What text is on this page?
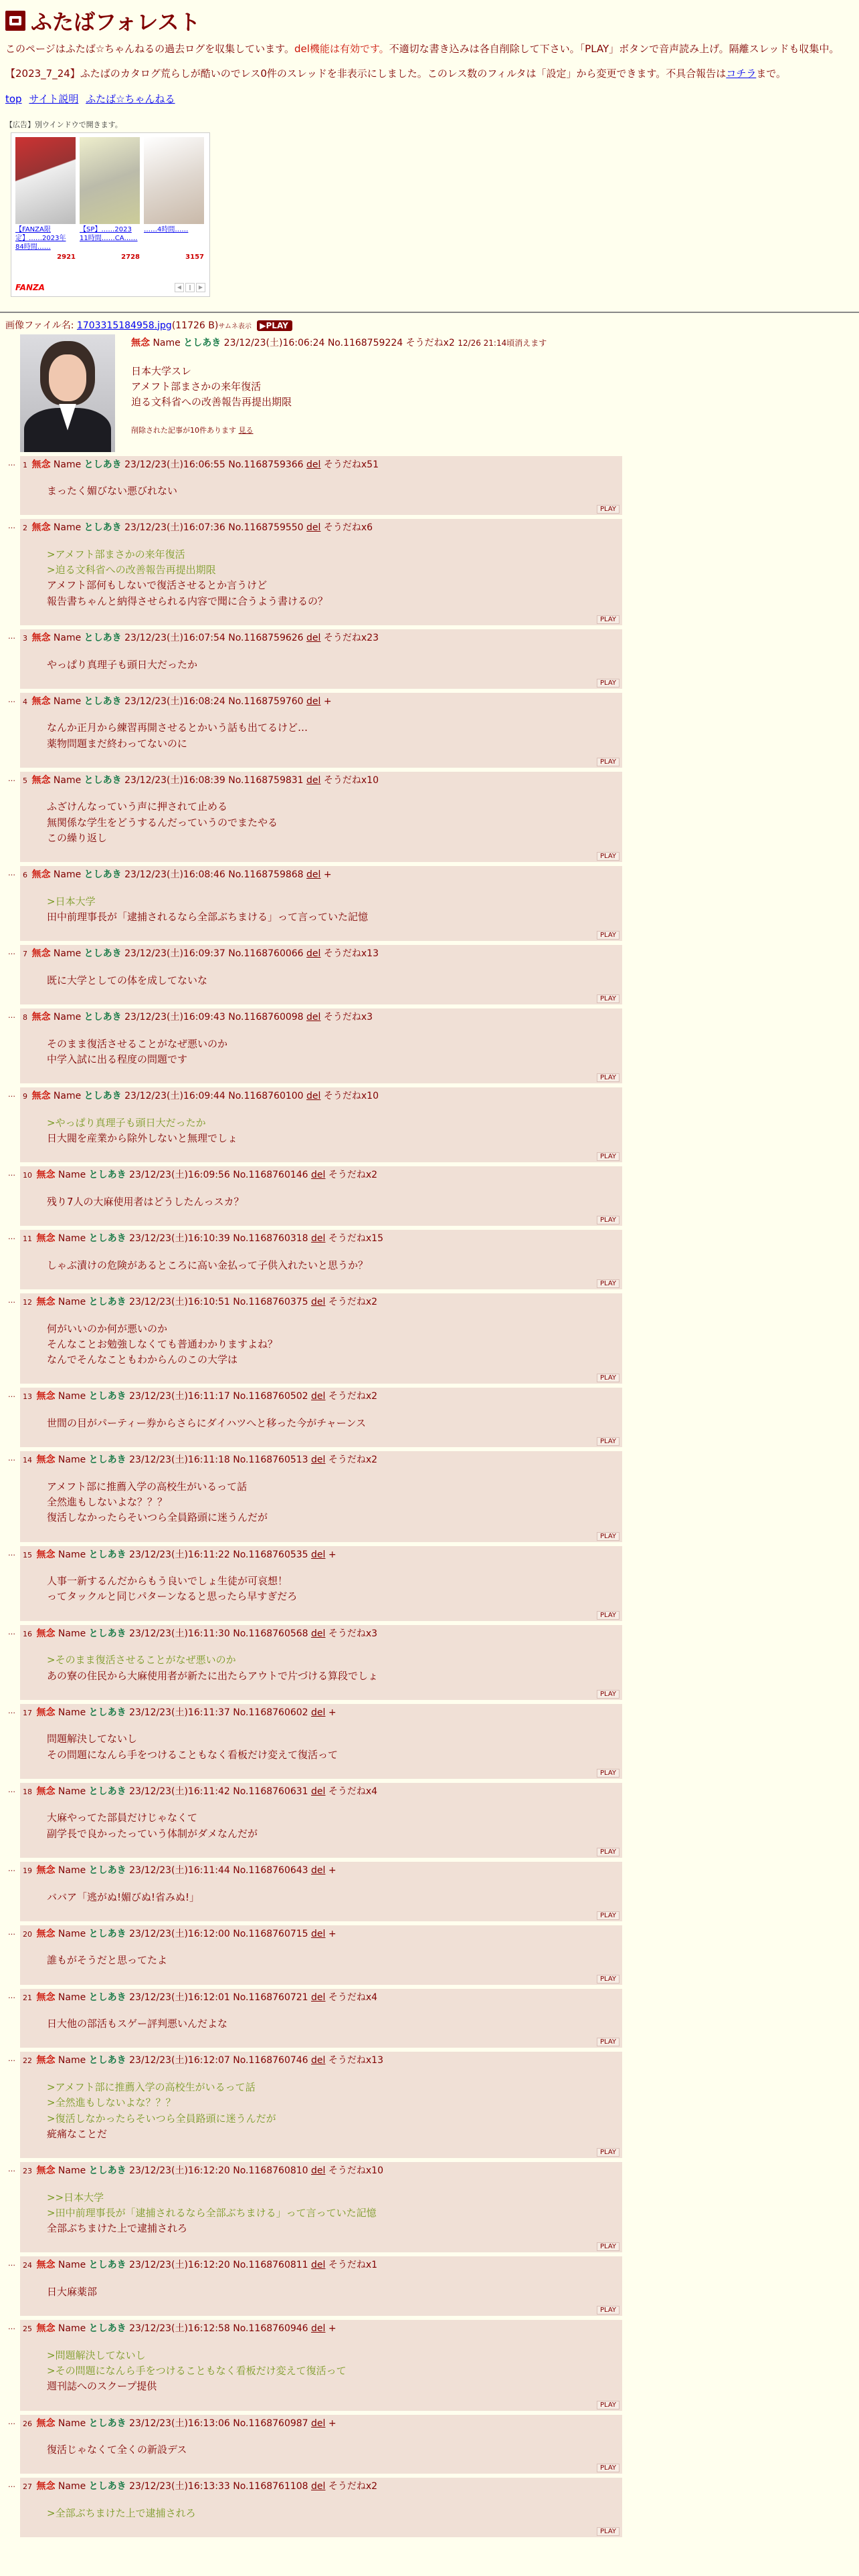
ふたばフォレスト

このページはふたば☆ちゃんねるの過去ログを収集しています。del機能は有効です。不適切な書き込みは各自削除して下さい。「PLAY」ボタンで音声読み上げ。隔離スレッドも収集中。

【2023_7_24】ふたばのカタログ荒らしが酷いのでレス0件のスレッドを非表示にしました。このレス数のフィルタは「設定」から変更できます。不具合報告はコチラまで。

top サイト説明 ふたば☆ちゃんねる
【広告】別ウインドウで開きます。
【FANZA限定】……2023年 84時間……
2921
【SP】……2023 11時間……CA……
2728
……4時間……
3157
FANZA	◀	‖	▶
画像ファイル名: 1703315184958.jpg(11726 B)サムネ表示 ▶PLAY
無念 Name としあき 23/12/23(土)16:06:24 No.1168759224 そうだねx2 12/26 21:14頃消えます
日本大学スレ
アメフト部まさかの来年復活
迫る文科省への改善報告再提出期限
削除された記事が10件あります 見る
… 1 無念 Name としあき 23/12/23(土)16:06:55 No.1168759366 del そうだねx51
まったく媚びない悪びれない
PLAY
… 2 無念 Name としあき 23/12/23(土)16:07:36 No.1168759550 del そうだねx6
>アメフト部まさかの来年復活
>迫る文科省への改善報告再提出期限
アメフト部何もしないで復活させるとか言うけど
報告書ちゃんと納得させられる内容で聞に合うよう書けるの？
PLAY
… 3 無念 Name としあき 23/12/23(土)16:07:54 No.1168759626 del そうだねx23
やっぱり真理子も頭日大だったか
PLAY
… 4 無念 Name としあき 23/12/23(土)16:08:24 No.1168759760 del +
なんか正月から練習再開させるとかいう話も出てるけど…
薬物問題まだ終わってないのに
PLAY
… 5 無念 Name としあき 23/12/23(土)16:08:39 No.1168759831 del そうだねx10
ふざけんなっていう声に押されて止める
無関係な学生をどうするんだっていうのでまたやる
この繰り返し
PLAY
… 6 無念 Name としあき 23/12/23(土)16:08:46 No.1168759868 del +
>日本大学
田中前理事長が「逮捕されるなら全部ぶちまける」って言っていた記憶
PLAY
… 7 無念 Name としあき 23/12/23(土)16:09:37 No.1168760066 del そうだねx13
既に大学としての体を成してないな
PLAY
… 8 無念 Name としあき 23/12/23(土)16:09:43 No.1168760098 del そうだねx3
そのまま復活させることがなぜ悪いのか
中学入試に出る程度の問題です
PLAY
… 9 無念 Name としあき 23/12/23(土)16:09:44 No.1168760100 del そうだねx10
>やっぱり真理子も頭日大だったか
日大閥を産業から除外しないと無理でしょ
PLAY
… 10 無念 Name としあき 23/12/23(土)16:09:56 No.1168760146 del そうだねx2
残り7人の大麻使用者はどうしたんっスカ？
PLAY
… 11 無念 Name としあき 23/12/23(土)16:10:39 No.1168760318 del そうだねx15
しゃぶ漬けの危険があるところに高い金払って子供入れたいと思うか？
PLAY
… 12 無念 Name としあき 23/12/23(土)16:10:51 No.1168760375 del そうだねx2
何がいいのか何が悪いのか
そんなことお勉強しなくても普通わかりますよね？
なんでそんなこともわからんのこの大学は
PLAY
… 13 無念 Name としあき 23/12/23(土)16:11:17 No.1168760502 del そうだねx2
世間の目がパーティー券からさらにダイハツへと移った今がチャーンス
PLAY
… 14 無念 Name としあき 23/12/23(土)16:11:18 No.1168760513 del そうだねx2
アメフト部に推薦入学の高校生がいるって話
全然進もしないよな？？？
復活しなかったらそいつら全員路頭に迷うんだが
PLAY
… 15 無念 Name としあき 23/12/23(土)16:11:22 No.1168760535 del +
人事一新するんだからもう良いでしょ生徒が可哀想！
ってタックルと同じパターンなると思ったら早すぎだろ
PLAY
… 16 無念 Name としあき 23/12/23(土)16:11:30 No.1168760568 del そうだねx3
>そのまま復活させることがなぜ悪いのか
あの寮の住民から大麻使用者が新たに出たらアウトで片づける算段でしょ
PLAY
… 17 無念 Name としあき 23/12/23(土)16:11:37 No.1168760602 del +
問題解決してないし
その問題になんら手をつけることもなく看板だけ変えて復活って
PLAY
… 18 無念 Name としあき 23/12/23(土)16:11:42 No.1168760631 del そうだねx4
大麻やってた部員だけじゃなくて
副学長で良かったっていう体制がダメなんだが
PLAY
… 19 無念 Name としあき 23/12/23(土)16:11:44 No.1168760643 del +
ババア「逃がぬ!媚びぬ!省みぬ!」
PLAY
… 20 無念 Name としあき 23/12/23(土)16:12:00 No.1168760715 del +
誰もがそうだと思ってたよ
PLAY
… 21 無念 Name としあき 23/12/23(土)16:12:01 No.1168760721 del そうだねx4
日大他の部活もスゲー評判悪いんだよな
PLAY
… 22 無念 Name としあき 23/12/23(土)16:12:07 No.1168760746 del そうだねx13
>アメフト部に推薦入学の高校生がいるって話
>全然進もしないよな？？？
>復活しなかったらそいつら全員路頭に迷うんだが
疵痛なことだ
PLAY
… 23 無念 Name としあき 23/12/23(土)16:12:20 No.1168760810 del そうだねx10
>>日本大学
>田中前理事長が「逮捕されるなら全部ぶちまける」って言っていた記憶
全部ぶちまけた上で逮捕されろ
PLAY
… 24 無念 Name としあき 23/12/23(土)16:12:20 No.1168760811 del そうだねx1
日大麻薬部
PLAY
… 25 無念 Name としあき 23/12/23(土)16:12:58 No.1168760946 del +
>問題解決してないし
>その問題になんら手をつけることもなく看板だけ変えて復活って
週刊誌へのスクープ提供
PLAY
… 26 無念 Name としあき 23/12/23(土)16:13:06 No.1168760987 del +
復活じゃなくて全くの新設デス
PLAY
… 27 無念 Name としあき 23/12/23(土)16:13:33 No.1168761108 del そうだねx2
>全部ぶちまけた上で逮捕されろ
PLAY
